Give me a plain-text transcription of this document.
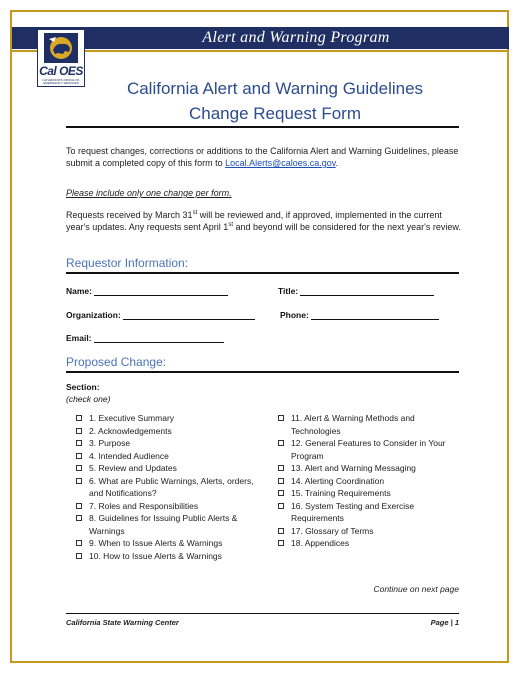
Alert and Warning Program
Cal OES
GOVERNOR'S OFFICE OF EMERGENCY SERVICES	California Alert and Warning Guidelines
Change Request Form
To request changes, corrections or additions to the California Alert and Warning Guidelines, please submit a completed copy of this form to Local.Alerts@caloes.ca.gov.
Please include only one change per form.
Requests received by March 31st will be reviewed and, if approved, implemented in the current year's updates. Any requests sent April 1st and beyond will be considered for the next year's review.
Requestor Information:
Name:	Title:
Organization:	Phone:
Email:
Proposed Change:
Section:
(check one)
1. Executive Summary
2. Acknowledgements
3. Purpose
4. Intended Audience
5. Review and Updates
6. What are Public Warnings, Alerts, orders, and Notifications?
7. Roles and Responsibilities
8. Guidelines for Issuing Public Alerts & Warnings
9. When to Issue Alerts & Warnings
10. How to Issue Alerts & Warnings
11. Alert & Warning Methods and Technologies
12. General Features to Consider in Your Program
13. Alert and Warning Messaging
14. Alerting Coordination
15. Training Requirements
16. System Testing and Exercise Requirements
17. Glossary of Terms
18. Appendices
Continue on next page
California State Warning Center	Page | 1
